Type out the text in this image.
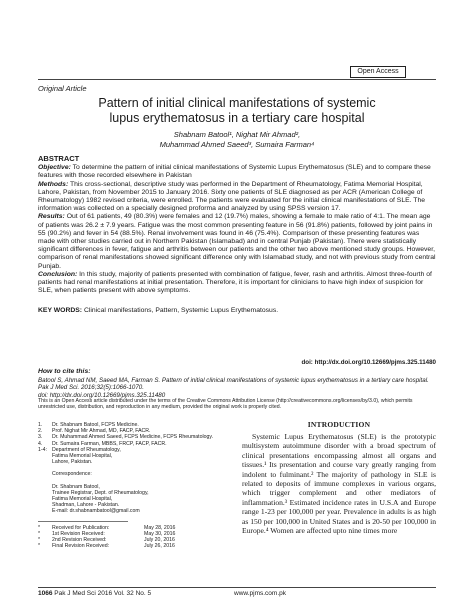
Open Access
Original Article
Pattern of initial clinical manifestations of systemic
lupus erythematosus in a tertiary care hospital
Shabnam Batool¹, Nighat Mir Ahmad²,
Muhammad Ahmed Saeed³, Sumaira Farman⁴
ABSTRACT

Objective: To determine the pattern of initial clinical manifestations of Systemic Lupus Erythematosus (SLE) and to compare these features with those recorded elsewhere in Pakistan

Methods: This cross-sectional, descriptive study was performed in the Department of Rheumatology, Fatima Memorial Hospital, Lahore, Pakistan, from November 2015 to January 2016. Sixty one patients of SLE diagnosed as per ACR (American College of Rheumatology) 1982 revised criteria, were enrolled. The patients were evaluated for the initial clinical manifestations of SLE. The information was collected on a specially designed proforma and analyzed by using SPSS version 17.

Results: Out of 61 patients, 49 (80.3%) were females and 12 (19.7%) males, showing a female to male ratio of 4:1. The mean age of patients was 26.2 ± 7.9 years. Fatigue was the most common presenting feature in 56 (91.8%) patients, followed by joint pains in 55 (90.2%) and fever in 54 (88.5%). Renal involvement was found in 46 (75.4%). Comparison of these presenting features was made with other studies carried out in Northern Pakistan (Islamabad) and in central Punjab (Pakistan). There were statistically significant differences in fever, fatigue and arthritis between our patients and the other two above mentioned study groups. However, comparison of renal manifestations showed significant difference only with Islamabad study, and not with previous study from central Punjab.

Conclusion: In this study, majority of patients presented with combination of fatigue, fever, rash and arthritis. Almost three-fourth of patients had renal manifestations at initial presentation. Therefore, it is important for clinicians to have high index of suspicion for SLE, when patients present with above symptoms.

KEY WORDS: Clinical manifestations, Pattern, Systemic Lupus Erythematosus.

doi: http://dx.doi.org/10.12669/pjms.325.11480
How to cite this:
Batool S, Ahmad NM, Saeed MA, Farman S. Pattern of initial clinical manifestations of systemic lupus erythematosus in a tertiary care hospital. Pak J Med Sci. 2016;32(5):1066-1070.
doi: http://dx.doi.org/10.12669/pjms.325.11480
This is an Open Access article distributed under the terms of the Creative Commons Attribution License (http://creativecommons.org/licenses/by/3.0), which permits unrestricted use, distribution, and reproduction in any medium, provided the original work is properly cited.
1.	Dr. Shabnam Batool, FCPS Medicine.
2.	Prof. Nighat Mir Ahmad, MD, FACP, FACR.
3.	Dr. Muhammad Ahmed Saeed, FCPS Medicine, FCPS Rheumatology.
4.	Dr. Sumaira Farman, MBBS, FRCP, FACP, FACR.
1-4: Department of Rheumatology,
Fatima Memorial Hospital,
Lahore, Pakistan.
Correspondence:
Dr. Shabnam Batool,
Trainee Registrar, Dept. of Rheumatology,
Fatima Memorial Hospital,
Shadman, Lahore - Pakistan.
E-mail: dr.shabnambatool@gmail.com
*	Received for Publication:	May 28, 2016
*	1st Revision Received:	May 30, 2016
*	2nd Revision Received:	July 20, 2016
*	Final Revision Received:	July 26, 2016
INTRODUCTION

Systemic Lupus Erythematosus (SLE) is the prototypic multisystem autoimmune disorder with a broad spectrum of clinical presentations encompassing almost all organs and tissues.¹ Its presentation and course vary greatly ranging from indolent to fulminant.² The majority of pathology in SLE is related to deposits of immune complexes in various organs, which trigger complement and other mediators of inflammation.³ Estimated incidence rates in U.S.A and Europe range 1-23 per 100,000 per year. Prevalence in adults is as high as 150 per 100,000 in United States and is 20-50 per 100,000 in Europe.⁴ Women are affected upto nine times more

1066 Pak J Med Sci 2016 Vol. 32 No. 5	www.pjms.com.pk
